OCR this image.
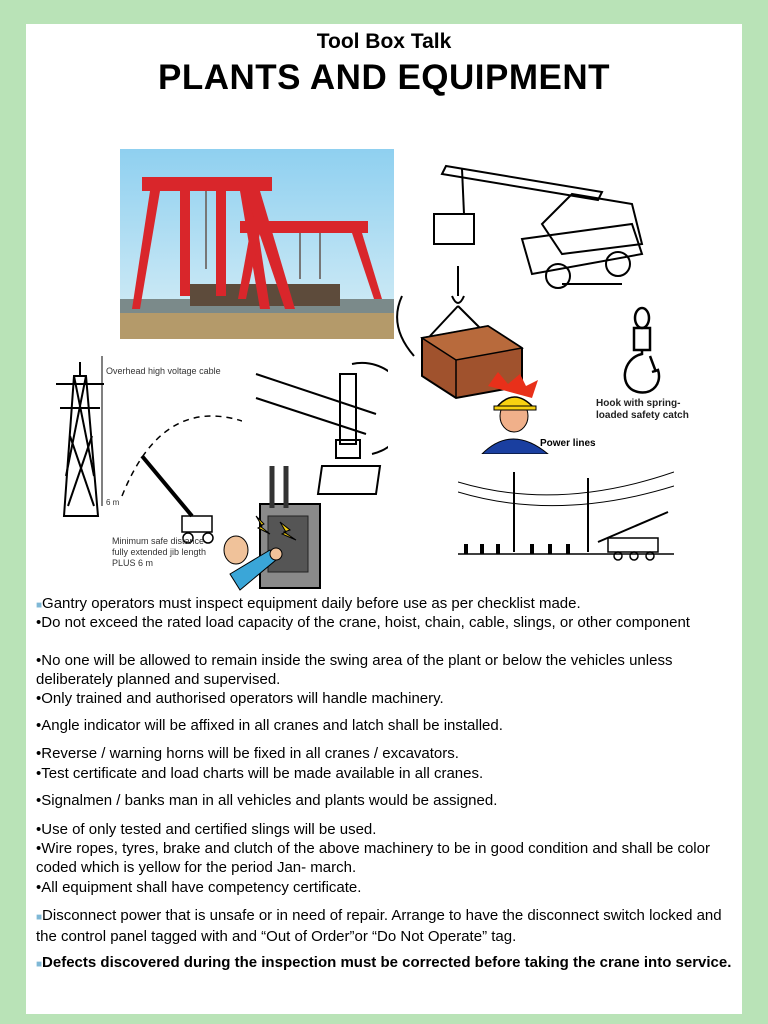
Tool Box Talk
PLANTS AND EQUIPMENT
Hook with spring-
loaded safety catch
Overhead high voltage cable
6 m
Minimum safe distance
fully extended jib length
PLUS 6 m
Power lines
■Gantry operators must inspect equipment daily before use as per checklist made.
•Do not exceed the rated load capacity of the crane, hoist, chain, cable, slings, or other component
•No one will be allowed to remain inside the swing area of the plant or below the vehicles unless deliberately planned and supervised.
•Only trained and authorised operators will handle machinery.
•Angle indicator will be affixed in all cranes and latch shall be installed.
•Reverse / warning horns will be fixed in all cranes / excavators.
•Test certificate and load charts will be made available in all cranes.
•Signalmen / banks man in all vehicles and plants would be assigned.
•Use of only tested and certified slings will be used.
•Wire ropes, tyres, brake and clutch of the above machinery to be in good condition and shall be color coded which is yellow for the period Jan- march.
•All equipment shall have competency certificate.
■Disconnect power that is unsafe or in need of repair. Arrange to have the disconnect switch locked and the control panel tagged with and “Out of Order”or “Do Not Operate” tag.
■Defects discovered during the inspection must be corrected before taking the crane into service.
